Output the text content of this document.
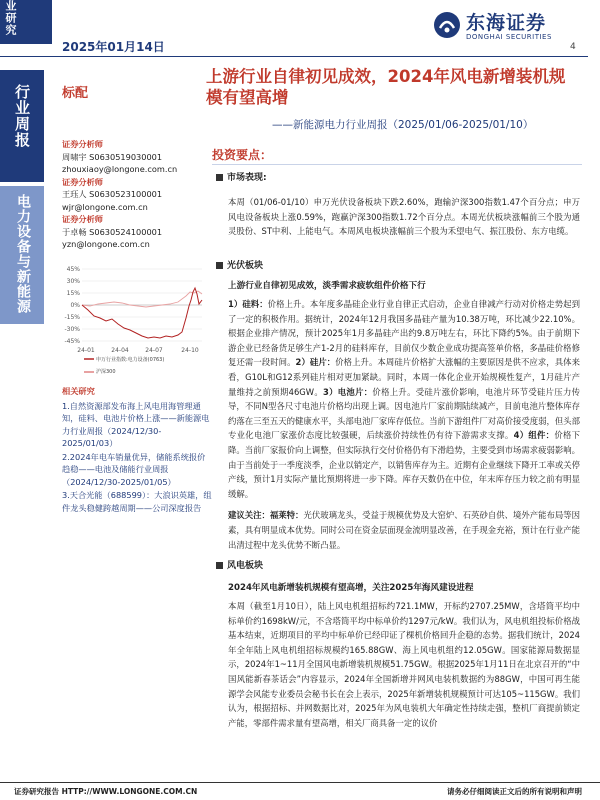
业研究
2025年01月14日
东海证券
DONGHAI SECURITIES
4
行业周报
电力设备与新能源
标配
证券分析师
周啸宇 S0630519030001
zhouxiaoy@longone.com.cn
证券分析师
王珏人 S0630523100001
wjr@longone.com.cn
证券分析师
于卓畅 S0630524100001
yzn@longone.com.cn
45%
30%
15%
0%
-15%
-30%
-45%
24-01	24-04	24-07	24-10
申万行业指数:电力设备(0763)
沪深300
相关研究
1.自然资源部发布海上风电用海管理通知，硅料、电池片价格上涨——新能源电力行业周报（2024/12/30-2025/01/03）
2.2024年电车销量优异，储能系统报价趋稳——电池及储能行业周报（2024/12/30-2025/01/05）
3.天合光能（688599）：大浪识英雄，组件龙头稳健跨越周期——公司深度报告
上游行业自律初见成效，2024年风电新增装机规模有望高增
——新能源电力行业周报（2025/01/06-2025/01/10）
投资要点：
市场表现:

本周（01/06-01/10）申万光伏设备板块下跌2.60%，跑输沪深300指数1.47个百分点；申万风电设备板块上涨0.59%，跑赢沪深300指数1.72个百分点。本周光伏板块涨幅前三个股为通灵股份、ST中利、上能电气。本周风电板块涨幅前三个股为禾望电气、振江股份、东方电缆。

光伏板块
上游行业自律初见成效，淡季需求疲软组件价格下行

1）硅料：价格上升。本年度多晶硅企业行业自律正式启动，企业自律减产行动对价格走势起到了一定的积极作用。据统计，2024年12月我国多晶硅产量为10.38万吨，环比减少22.10%。根据企业排产情况，预计2025年1月多晶硅产出约9.8万吨左右，环比下降约5%。由于前期下游企业已经备货足够生产1-2月的硅料库存，目前仅少数企业成功提高签单价格，多晶硅价格修复还需一段时间。2）硅片：价格上升。本周硅片价格扩大涨幅的主要原因是供不应求，具体来看，G10L和G12系列硅片相对更加紧缺。同时，本周一体化企业开始规模性复产，1月硅片产量维持之前预期46GW。3）电池片：价格上升。受硅片涨价影响，电池片环节受硅片压力传导，不同N型各尺寸电池片价格均出现上调。因电池片厂家前期陆续减产，目前电池片整体库存约落在三至五天的健康水平，头部电池厂家库存低位。当前下游组件厂对高价接受度弱，但头部专业化电池厂家涨价态度比较强硬，后续涨价持续性仍有待下游需求支撑。4）组件：价格下降。当前厂家报价向上调整，但实际执行交付价格仍有下滑趋势，主要受到市场需求疲弱影响。由于当前处于一季度淡季，企业以销定产，以销售库存为主。近期有企业继续下降开工率或关停产线，预计1月实际产量比预期将进一步下降。库存天数仍在中位，年末库存压力较之前有明显缓解。

建议关注：福莱特：光伏玻璃龙头，受益于规模优势及大窑炉、石英砂自供、境外产能布局等因素，具有明显成本优势。同时公司在资金层面现金流明显改善，在手现金充裕，预计在行业产能出清过程中龙头优势不断凸显。

风电板块
2024年风电新增装机规模有望高增，关注2025年海风建设进程

本周（截至1月10日），陆上风电机组招标约721.1MW，开标约2707.25MW，含塔筒平均中标单价约1698kW/元，不含塔筒平均中标单价约1297元/kW。我们认为，风电机组投标价格战基本结束，近期项目的平均中标单价已经印证了棵机价格回升企稳的态势。据我们统计，2024年全年陆上风电机组招标规模约165.88GW、海上风电机组约12.05GW。国家能源局数据显示，2024年1~11月全国风电新增装机规模51.75GW。根据2025年1月11日在北京召开的“中国风能新春茶话会”内容显示，2024年全国新增并网风电装机数据约为88GW，中国可再生能源学会风能专业委员会秘书长在会上表示，2025年新增装机规模预计可达105~115GW。我们认为，根据招标、并网数据比对，2025年为风电装机大年确定性持续走强，整机厂商提前锁定产能，零部件需求量有望高增，相关厂商具备一定的议价

证券研究报告 HTTP://WWW.LONGONE.COM.CN	请务必仔细阅读正文后的所有说明和声明
